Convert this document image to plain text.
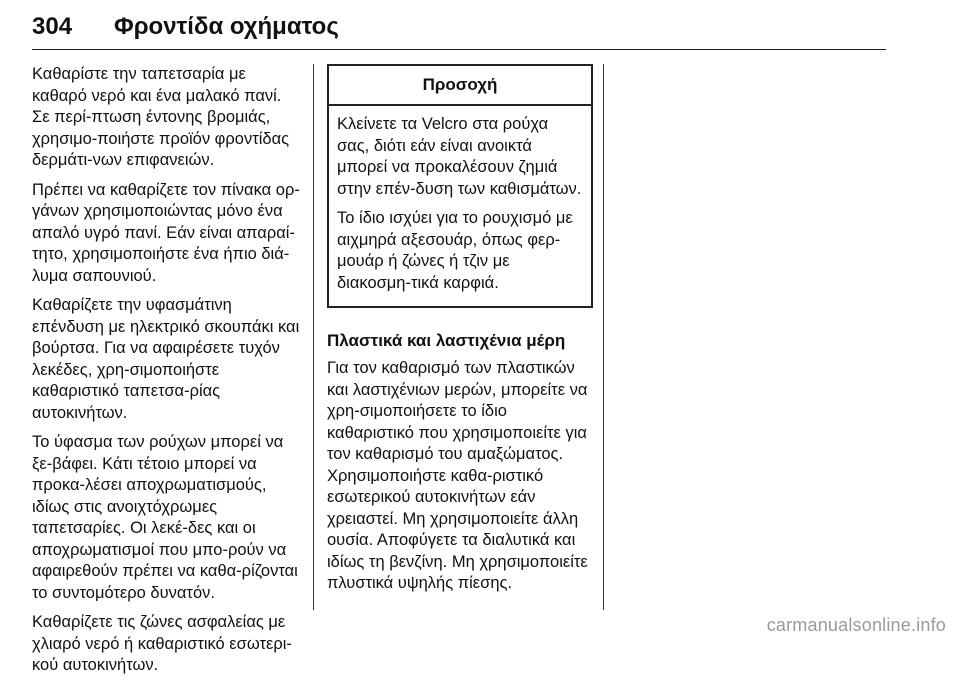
304 Φροντίδα οχήματος

Καθαρίστε την ταπετσαρία με καθαρό νερό και ένα μαλακό πανί. Σε περί-πτωση έντονης βρομιάς, χρησιμο-ποιήστε προϊόν φροντίδας δερμάτι-νων επιφανειών.

Πρέπει να καθαρίζετε τον πίνακα ορ-γάνων χρησιμοποιώντας μόνο ένα απαλό υγρό πανί. Εάν είναι απαραί-τητο, χρησιμοποιήστε ένα ήπιο διά-λυμα σαπουνιού.

Καθαρίζετε την υφασμάτινη επένδυση με ηλεκτρικό σκουπάκι και βούρτσα. Για να αφαιρέσετε τυχόν λεκέδες, χρη-σιμοποιήστε καθαριστικό ταπετσα-ρίας αυτοκινήτων.

Το ύφασμα των ρούχων μπορεί να ξε-βάφει. Κάτι τέτοιο μπορεί να προκα-λέσει αποχρωματισμούς, ιδίως στις ανοιχτόχρωμες ταπετσαρίες. Οι λεκέ-δες και οι αποχρωματισμοί που μπο-ρούν να αφαιρεθούν πρέπει να καθα-ρίζονται το συντομότερο δυνατόν.

Καθαρίζετε τις ζώνες ασφαλείας με χλιαρό νερό ή καθαριστικό εσωτερι-κού αυτοκινήτων.

Προσοχή

Κλείνετε τα Velcro στα ρούχα σας, διότι εάν είναι ανοικτά μπορεί να προκαλέσουν ζημιά στην επέν-δυση των καθισμάτων.

Το ίδιο ισχύει για το ρουχισμό με αιχμηρά αξεσουάρ, όπως φερ-μουάρ ή ζώνες ή τζιν με διακοσμη-τικά καρφιά.

Πλαστικά και λαστιχένια μέρη

Για τον καθαρισμό των πλαστικών και λαστιχένιων μερών, μπορείτε να χρη-σιμοποιήσετε το ίδιο καθαριστικό που χρησιμοποιείτε για τον καθαρισμό του αμαξώματος. Χρησιμοποιήστε καθα-ριστικό εσωτερικού αυτοκινήτων εάν χρειαστεί. Μη χρησιμοποιείτε άλλη ουσία. Αποφύγετε τα διαλυτικά και ιδίως τη βενζίνη. Μη χρησιμοποιείτε πλυστικά υψηλής πίεσης.

carmanualsonline.info
